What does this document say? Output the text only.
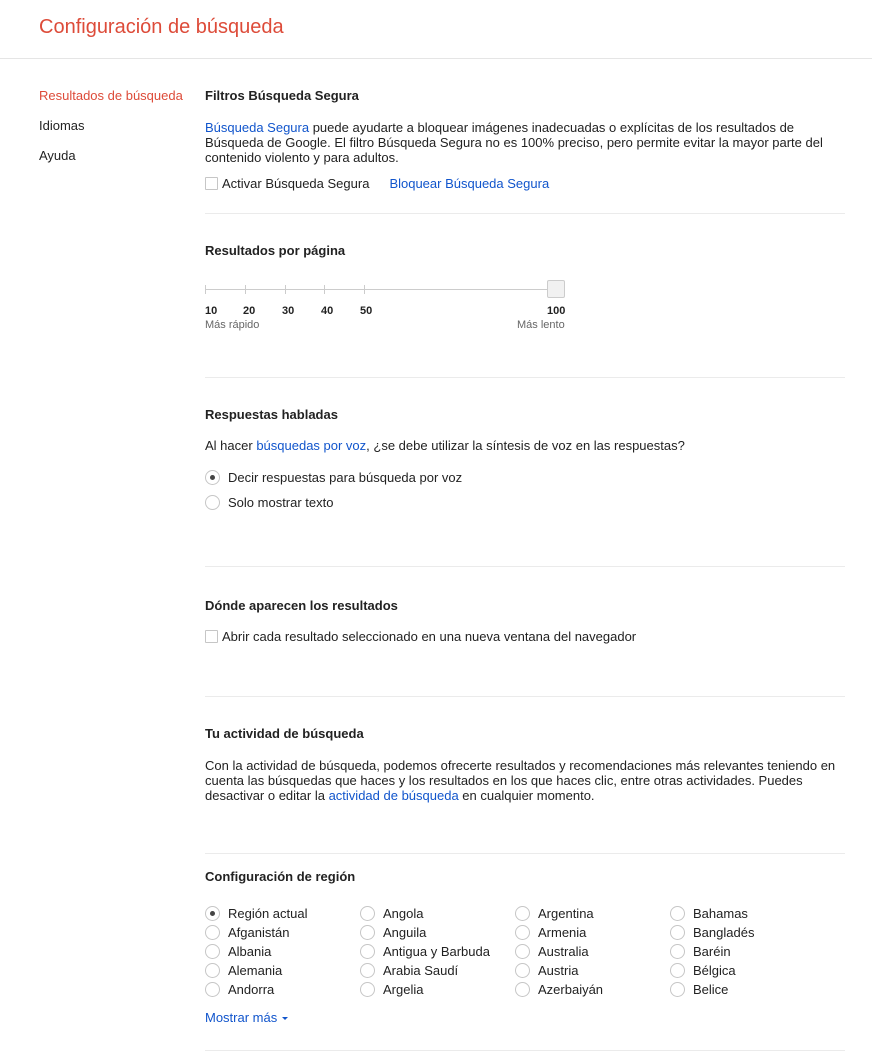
Configuración de búsqueda
Resultados de búsqueda
Idiomas
Ayuda
Filtros Búsqueda Segura

Búsqueda Segura puede ayudarte a bloquear imágenes inadecuadas o explícitas de los resultados de Búsqueda de Google. El filtro Búsqueda Segura no es 100% preciso, pero permite evitar la mayor parte del contenido violento y para adultos.

Activar Búsqueda Segura Bloquear Búsqueda Segura
Resultados por página
10 20 30 40 50	100
Más rápido	Más lento
Respuestas habladas

Al hacer búsquedas por voz, ¿se debe utilizar la síntesis de voz en las respuestas?

Decir respuestas para búsqueda por voz
Solo mostrar texto
Dónde aparecen los resultados
Abrir cada resultado seleccionado en una nueva ventana del navegador
Tu actividad de búsqueda

Con la actividad de búsqueda, podemos ofrecerte resultados y recomendaciones más relevantes teniendo en cuenta las búsquedas que haces y los resultados en los que haces clic, entre otras actividades. Puedes desactivar o editar la actividad de búsqueda en cualquier momento.

Configuración de región
Región actual	Angola	Argentina	Bahamas
Afganistán	Anguila	Armenia	Bangladés
Albania	Antigua y Barbuda	Australia	Baréin
Alemania	Arabia Saudí	Austria	Bélgica
Andorra	Argelia	Azerbaiyán	Belice
Mostrar más
